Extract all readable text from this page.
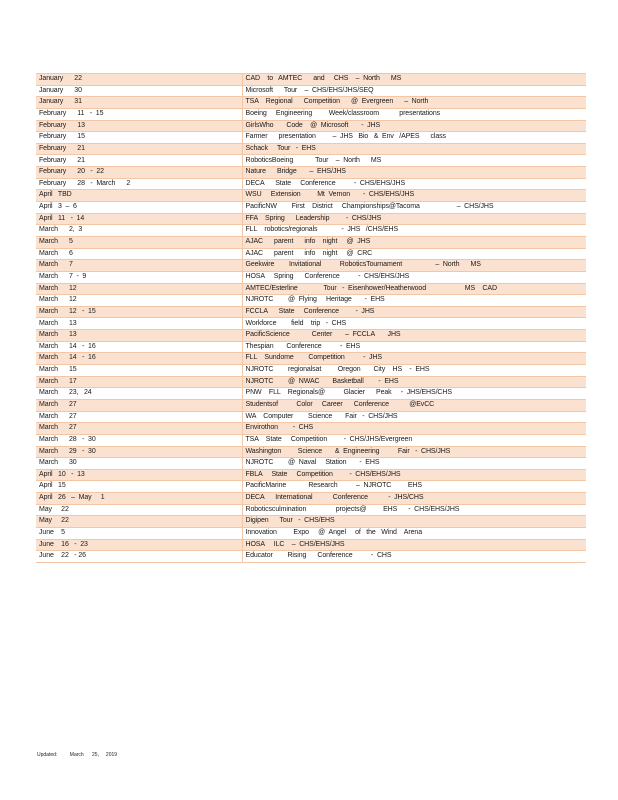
January      22	CAD    to   AMTEC      and     CHS    –  North      MS
January      30	Microsoft      Tour    –  CHS/EHS/JHS/SEQ
January      31	TSA    Regional      Competition      @  Evergreen      –  North
February      11   -  15	Boeing     Engineering         Week/classroom           presentations
February      13	GirlsWho       Code    @  Microsoft       -  JHS
February      15	Farmer      presentation         –  JHS   Bio   &  Env   /APES      class
February      21	Schack     Tour   -  EHS
February      21	RoboticsBoeing            Tour    –  North      MS
February      20   -  22	Nature      Bridge       –  EHS/JHS
February      28   -  March      2	DECA      State     Conference          -  CHS/EHS/JHS
April   TBD	WSU     Extension         Mt  Vernon       -  CHS/EHS/JHS
April   3  –  6	PacificNW        First    District     Championships@Tacoma                    –  CHS/JHS
April   11   -  14	FFA    Spring      Leadership         -  CHS/JHS
March      2,  3	FLL    robotics/regionals             -  JHS   /CHS/EHS
March      5	AJAC      parent      info    night     @  JHS
March      6	AJAC      parent      info    night     @  CRC
March      7	Geekwire        Invitational          RoboticsTournament                  –  North      MS
March      7  -  9	HOSA     Spring      Conference          -  CHS/EHS/JHS
March      12	AMTEC/Esterline              Tour   -  Eisenhower/Heatherwood                     MS    CAD
March      12	NJROTC        @  Flying     Heritage       -  EHS
March      12   -  15	FCCLA      State     Conference         -  JHS
March      13	Workforce        field    trip   -  CHS
March      13	PacificScience            Center       –  FCCLA       JHS
March      14   -  16	Thespian       Conference          -  EHS
March      14   -  16	FLL    Sundome        Competition          -  JHS
March      15	NJROTC        regionalsat         Oregon       City    HS    -  EHS
March      17	NJROTC        @  NWAC       Basketball        -  EHS
March      23,   24	PNW    FLL    Regionals@          Glacier      Peak     -  JHS/EHS/CHS
March      27	Studentsof          Color     Career      Conference           @EvCC
March      27	WA    Computer        Science       Fair   -  CHS/JHS
March      27	Envirothon        -  CHS
March      28   -  30	TSA    State     Competition         -  CHS/JHS/Evergreen
March      29   -  30	Washington         Science       &  Engineering          Fair   -  CHS/JHS
March      30	NJROTC        @  Naval     Station       -  EHS
April   10   -  13	FBLA     State     Competition         -  CHS/EHS/JHS
April   15	PacificMarine            Research          –  NJROTC         EHS
April   26   –  May     1	DECA      International           Conference           -  JHS/CHS
May     22	Roboticsculmination                projects@         EHS      -  CHS/EHS/JHS
May     22	Digipen      Tour   -  CHS/EHS
June    5	Innovation         Expo     @  Angel     of   the   Wind    Arena
June    16   -  23	HOSA     ILC    –  CHS/EHS/JHS
June    22   - 26	Educator        Rising      Conference          -  CHS
Updated:         March      25,     2019
